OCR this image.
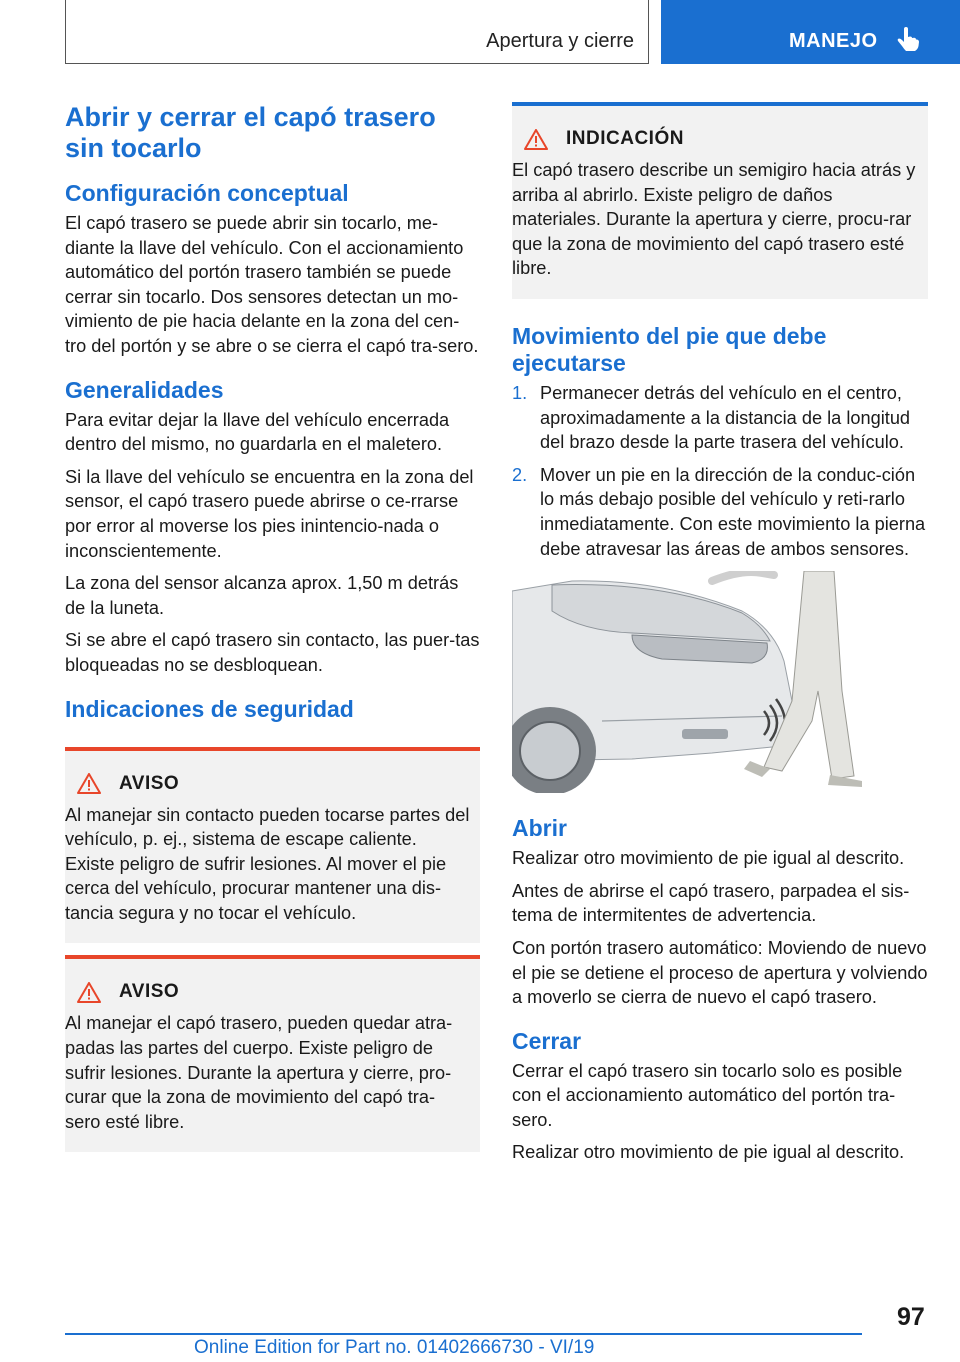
Apertura y cierre	MANEJO
Abrir y cerrar el capó trasero sin tocarlo
Configuración conceptual

El capó trasero se puede abrir sin tocarlo, me-diante la llave del vehículo. Con el accionamiento automático del portón trasero también se puede cerrar sin tocarlo. Dos sensores detectan un mo-vimiento de pie hacia delante en la zona del cen-tro del portón y se abre o se cierra el capó tra-sero.

Generalidades

Para evitar dejar la llave del vehículo encerrada dentro del mismo, no guardarla en el maletero.

Si la llave del vehículo se encuentra en la zona del sensor, el capó trasero puede abrirse o ce-rrarse por error al moverse los pies inintencio-nada o inconscientemente.

La zona del sensor alcanza aprox. 1,50 m detrás de la luneta.

Si se abre el capó trasero sin contacto, las puer-tas bloqueadas no se desbloquean.

Indicaciones de seguridad
AVISO

Al manejar sin contacto pueden tocarse partes del vehículo, p. ej., sistema de escape caliente. Existe peligro de sufrir lesiones. Al mover el pie cerca del vehículo, procurar mantener una dis-tancia segura y no tocar el vehículo.

AVISO

Al manejar el capó trasero, pueden quedar atra-padas las partes del cuerpo. Existe peligro de sufrir lesiones. Durante la apertura y cierre, pro-curar que la zona de movimiento del capó tra-sero esté libre.

INDICACIÓN

El capó trasero describe un semigiro hacia atrás y arriba al abrirlo. Existe peligro de daños materiales. Durante la apertura y cierre, procu-rar que la zona de movimiento del capó trasero esté libre.

Movimiento del pie que debe ejecutarse
1. Permanecer detrás del vehículo en el centro, aproximadamente a la distancia de la longitud del brazo desde la parte trasera del vehículo.
2. Mover un pie en la dirección de la conduc-ción lo más debajo posible del vehículo y reti-rarlo inmediatamente. Con este movimiento la pierna debe atravesar las áreas de ambos sensores.
Abrir

Realizar otro movimiento de pie igual al descrito.

Antes de abrirse el capó trasero, parpadea el sis-tema de intermitentes de advertencia.

Con portón trasero automático: Moviendo de nuevo el pie se detiene el proceso de apertura y volviendo a moverlo se cierra de nuevo el capó trasero.

Cerrar

Cerrar el capó trasero sin tocarlo solo es posible con el accionamiento automático del portón tra-sero.

Realizar otro movimiento de pie igual al descrito.

97
Online Edition for Part no. 01402666730 - VI/19
